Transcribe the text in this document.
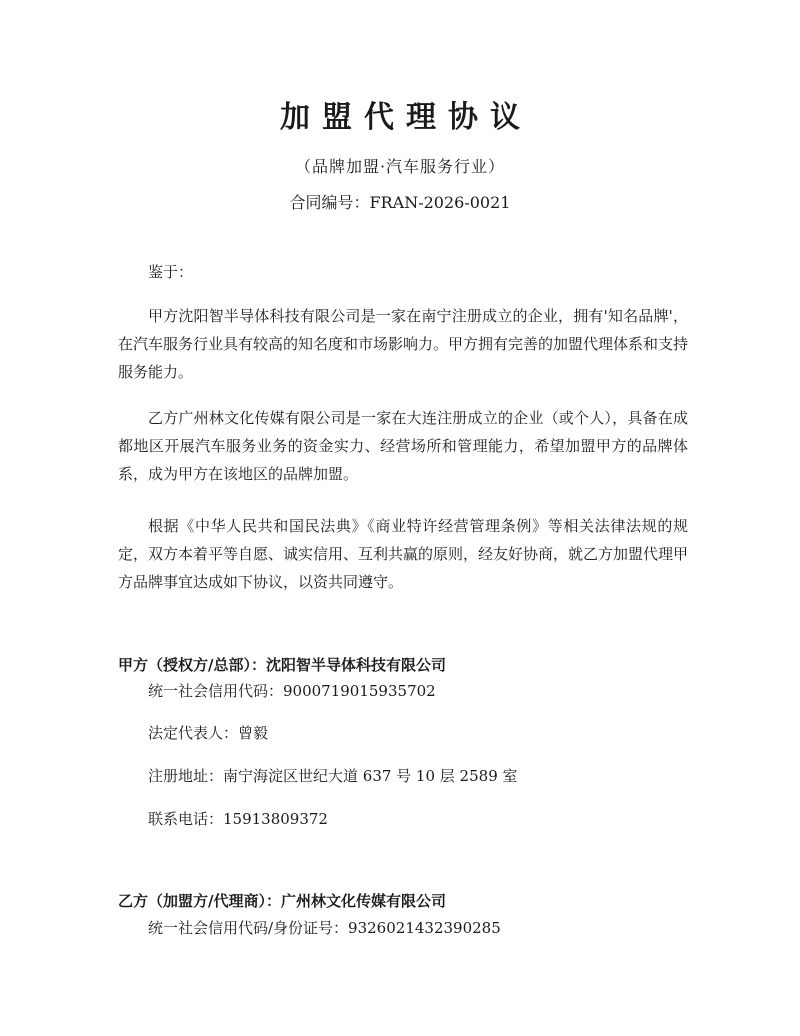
加盟代理协议
（品牌加盟·汽车服务行业）
合同编号：FRAN-2026-0021
鉴于：
甲方沈阳智半导体科技有限公司是一家在南宁注册成立的企业，拥有'知名品牌'，在汽车服务行业具有较高的知名度和市场影响力。甲方拥有完善的加盟代理体系和支持服务能力。
乙方广州林文化传媒有限公司是一家在大连注册成立的企业（或个人），具备在成都地区开展汽车服务业务的资金实力、经营场所和管理能力，希望加盟甲方的品牌体系，成为甲方在该地区的品牌加盟。
根据《中华人民共和国民法典》《商业特许经营管理条例》等相关法律法规的规定，双方本着平等自愿、诚实信用、互利共赢的原则，经友好协商，就乙方加盟代理甲方品牌事宜达成如下协议，以资共同遵守。
甲方（授权方/总部）：沈阳智半导体科技有限公司
统一社会信用代码：9000719015935702
法定代表人：曾毅
注册地址：南宁海淀区世纪大道 637 号 10 层 2589 室
联系电话：15913809372
乙方（加盟方/代理商）：广州林文化传媒有限公司
统一社会信用代码/身份证号：9326021432390285
